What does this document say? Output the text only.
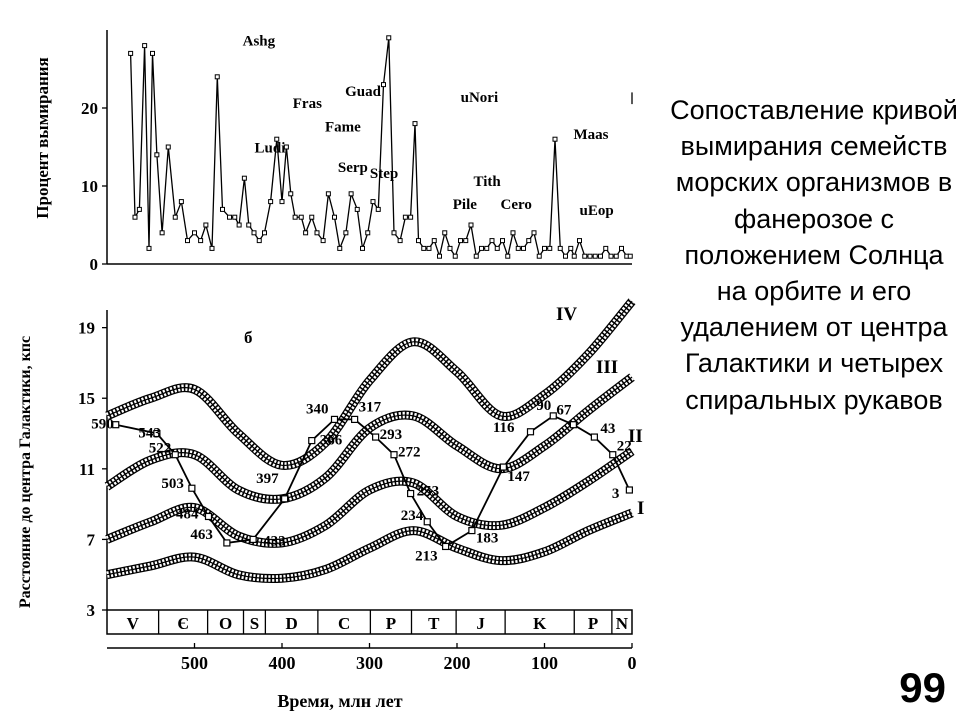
Процент вымирания
0
10
20
Ashg
Fras
Fame
Ludi
Guad	uNori
Serp Step
Pile
Tith
Cero
Maas
uEop
Расстояние до центра Галактики, кпс
3
7
11
15
19
V Є O S D C P T J	K P N
500	400	300	200	100	0
IV
III
II
I
590
543
522
503
484
463	433
397
366
340 317
293
272
253
234
213
183
147
116
90 67
43
22
3
б
Время, млн лет
Сопоставление кривой вымирания семейств морских организмов в фанерозое с положением Солнца на орбите и его удалением от центра Галактики и четырех спиральных рукавов
99
